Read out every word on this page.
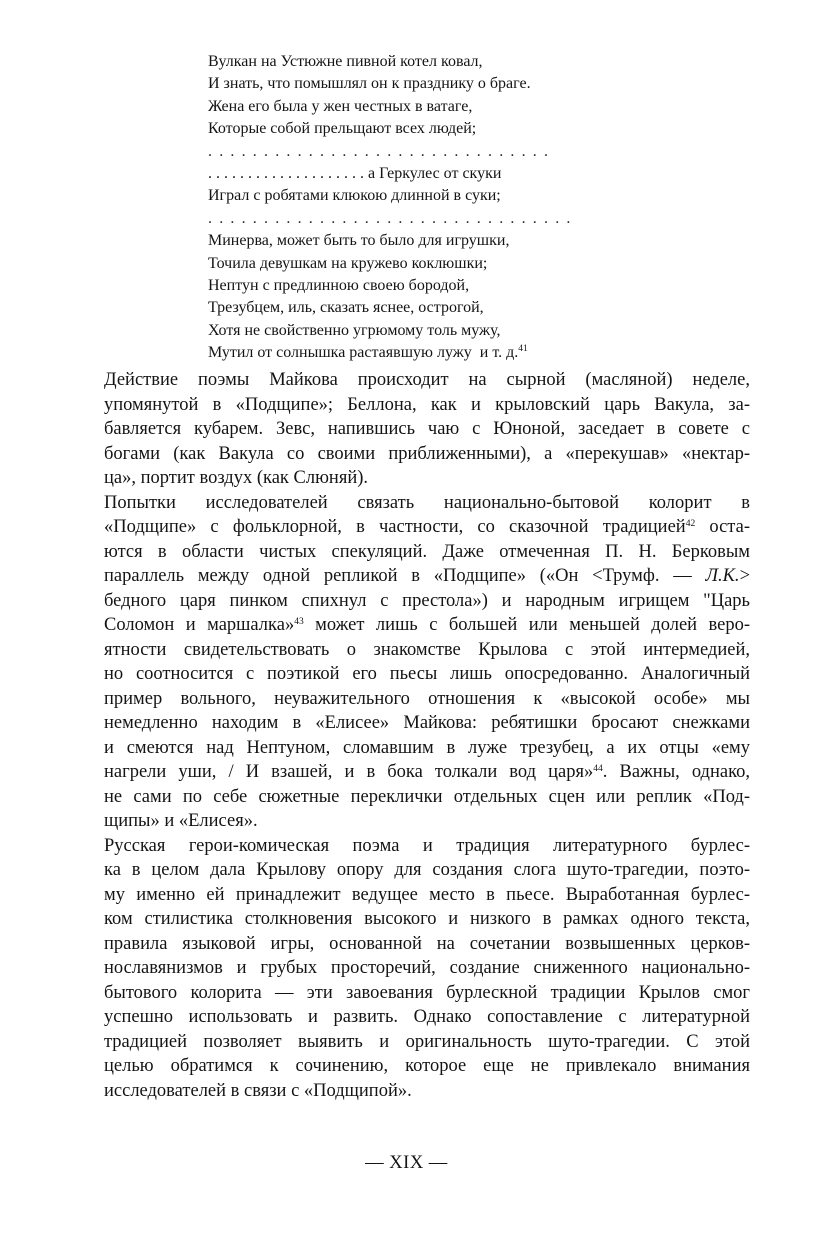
Вулкан на Устюжне пивной котел ковал,
И знать, что помышлял он к празднику о браге.
Жена его была у жен честных в ватаге,
Которые собой прельщают всех людей;
. . . . . . . . . . . . . . . . . . . . . . . . . . . . . . .
. . . . . . . . . . . . . . . . . . . . а Геркулес от скуки
Играл с робятами клюкою длинной в суки;
. . . . . . . . . . . . . . . . . . . . . . . . . . . . . . . . .
Минерва, может быть то было для игрушки,
Точила девушкам на кружево коклюшки;
Нептун с предлинною своею бородой,
Трезубцем, иль, сказать яснее, острогой,
Хотя не свойственно угрюмому толь мужу,
Мутил от солнышка растаявшую лужу  и т. д.$^{41}$

Действие поэмы Майкова происходит на сырной (масляной) неделе,
упомянутой в «Подщипе»; Беллона, как и крыловский царь Вакула, за-
бавляется кубарем. Зевс, напившись чаю с Юноной, заседает в совете с
богами (как Вакула со своими приближенными), а «перекушав» «нектар-
ца», портит воздух (как Слюняй).

Попытки исследователей связать национально-бытовой колорит в
«Подщипе» с фольклорной, в частности, со сказочной традицией$^{42}$ оста-
ются в области чистых спекуляций. Даже отмеченная П. Н. Берковым
параллель между одной репликой в «Подщипе» («Он <Трумф. — Л.К.>
бедного царя пинком спихнул с престола») и народным игрищем "Царь
Соломон и маршалка»$^{43}$ может лишь с большей или меньшей долей веро-
ятности свидетельствовать о знакомстве Крылова с этой интермедией,
но соотносится с поэтикой его пьесы лишь опосредованно. Аналогичный
пример вольного, неуважительного отношения к «высокой особе» мы
немедленно находим в «Елисее» Майкова: ребятишки бросают снежками
и смеются над Нептуном, сломавшим в луже трезубец, а их отцы «ему
нагрели уши, / И взашей, и в бока толкали вод царя»$^{44}$. Важны, однако,
не сами по себе сюжетные переклички отдельных сцен или реплик «Под-
щипы» и «Елисея».

Русская герои-комическая поэма и традиция литературного бурлес-
ка в целом дала Крылову опору для создания слога шуто-трагедии, поэто-
му именно ей принадлежит ведущее место в пьесе. Выработанная бурлес-
ком стилистика столкновения высокого и низкого в рамках одного текста,
правила языковой игры, основанной на сочетании возвышенных церков-
нославянизмов и грубых просторечий, создание сниженного национально-
бытового колорита — эти завоевания бурлескной традиции Крылов смог
успешно использовать и развить. Однако сопоставление с литературной
традицией позволяет выявить и оригинальность шуто-трагедии. С этой
целью обратимся к сочинению, которое еще не привлекало внимания
исследователей в связи с «Подщипой».

— XIX —
